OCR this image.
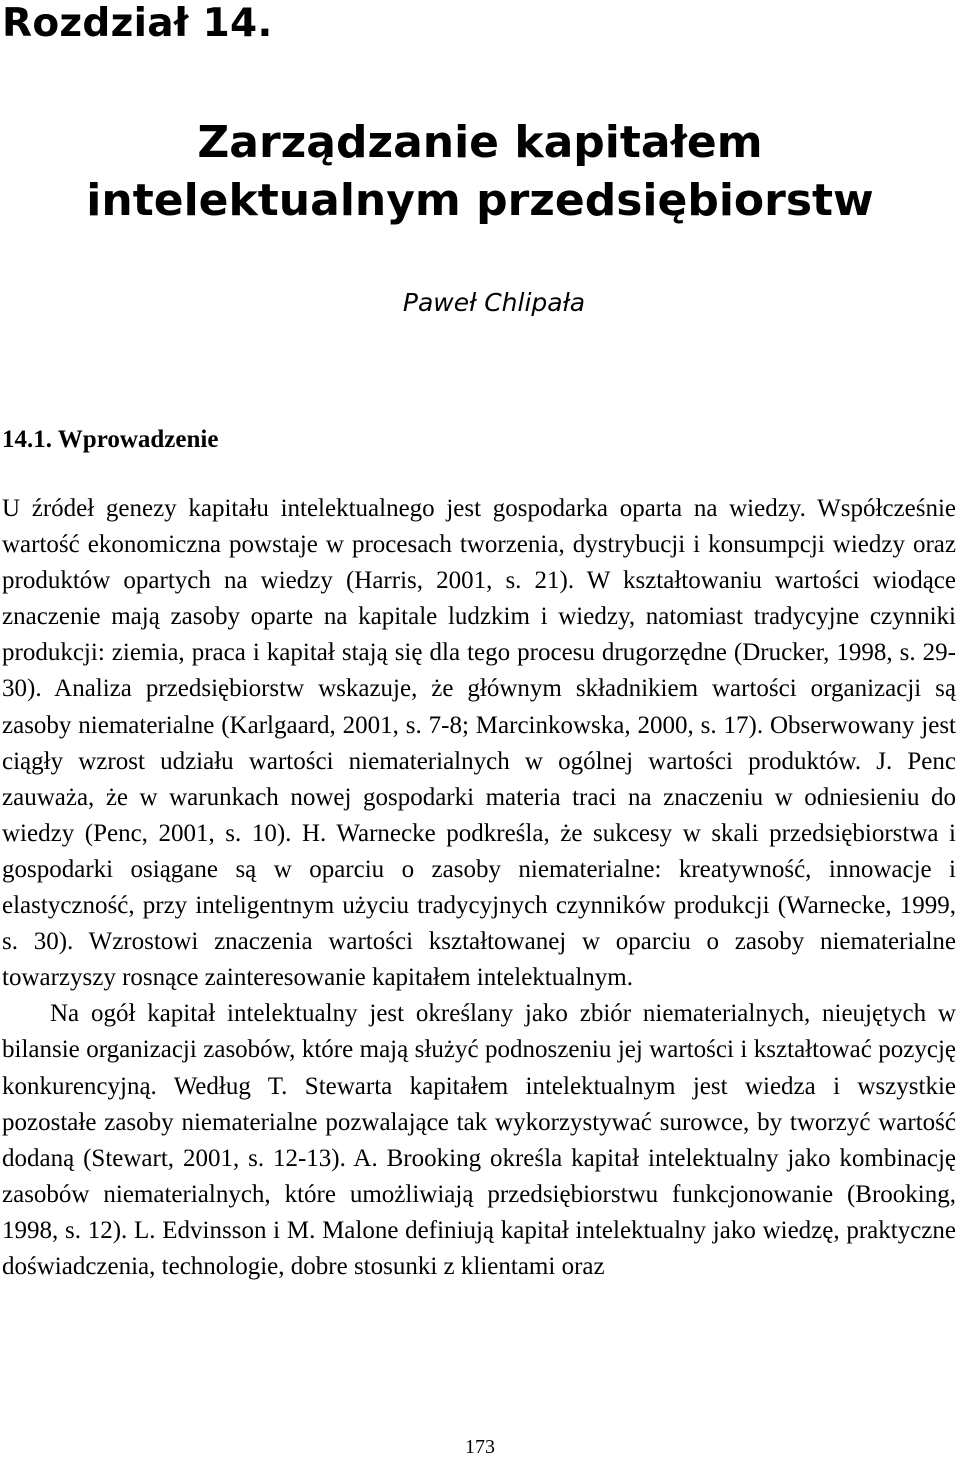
Rozdział 14.
Zarządzanie kapitałem
intelektualnym przedsiębiorstw
Paweł Chlipała
14.1. Wprowadzenie

U źródeł genezy kapitału intelektualnego jest gospodarka oparta na wiedzy. Współcześnie wartość ekonomiczna powstaje w procesach tworzenia, dystrybucji i konsumpcji wiedzy oraz produktów opartych na wiedzy (Harris, 2001, s. 21). W kształtowaniu wartości wiodące znaczenie mają zasoby oparte na kapitale ludzkim i wiedzy, natomiast tradycyjne czynniki produkcji: ziemia, praca i kapitał stają się dla tego procesu drugorzędne (Drucker, 1998, s. 29-30). Analiza przedsiębiorstw wskazuje, że głównym składnikiem wartości organizacji są zasoby niematerialne (Karlgaard, 2001, s. 7-8; Marcinkowska, 2000, s. 17). Obserwowany jest ciągły wzrost udziału wartości niematerialnych w ogólnej wartości produktów. J. Penc zauważa, że w warunkach nowej gospodarki materia traci na znaczeniu w odniesieniu do wiedzy (Penc, 2001, s. 10). H. Warnecke podkreśla, że sukcesy w skali przedsiębiorstwa i gospodarki osiągane są w oparciu o zasoby niematerialne: kreatywność, innowacje i elastyczność, przy inteligentnym użyciu tradycyjnych czynników produkcji (Warnecke, 1999, s. 30). Wzrostowi znaczenia wartości kształtowanej w oparciu o zasoby niematerialne towarzyszy rosnące zainteresowanie kapitałem intelektualnym.

Na ogół kapitał intelektualny jest określany jako zbiór niematerialnych, nieujętych w bilansie organizacji zasobów, które mają służyć podnoszeniu jej wartości i kształtować pozycję konkurencyjną. Według T. Stewarta kapitałem intelektualnym jest wiedza i wszystkie pozostałe zasoby niematerialne pozwalające tak wykorzystywać surowce, by tworzyć wartość dodaną (Stewart, 2001, s. 12-13). A. Brooking określa kapitał intelektualny jako kombinację zasobów niematerialnych, które umożliwiają przedsiębiorstwu funkcjonowanie (Brooking, 1998, s. 12). L. Edvinsson i M. Malone definiują kapitał intelektualny jako wiedzę, praktyczne doświadczenia, technologie, dobre stosunki z klientami oraz

173
